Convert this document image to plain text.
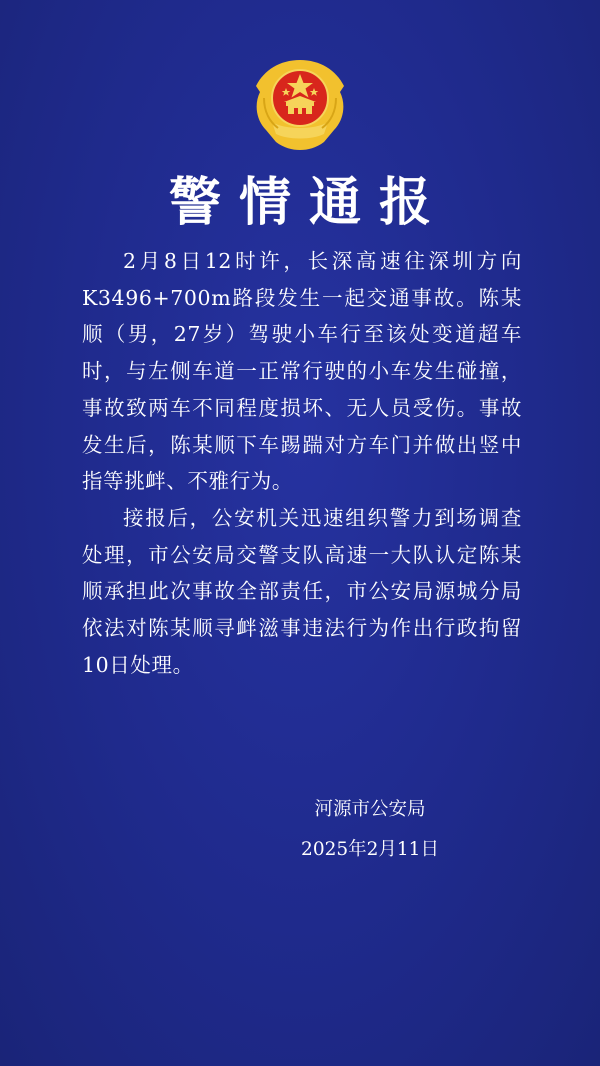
警情通报

2月8日12时许，长深高速往深圳方向K3496+700m路段发生一起交通事故。陈某顺（男，27岁）驾驶小车行至该处变道超车时，与左侧车道一正常行驶的小车发生碰撞，事故致两车不同程度损坏、无人员受伤。事故发生后，陈某顺下车踢踹对方车门并做出竖中指等挑衅、不雅行为。

接报后，公安机关迅速组织警力到场调查处理，市公安局交警支队高速一大队认定陈某顺承担此次事故全部责任，市公安局源城分局依法对陈某顺寻衅滋事违法行为作出行政拘留10日处理。

河源市公安局
2025年2月11日
